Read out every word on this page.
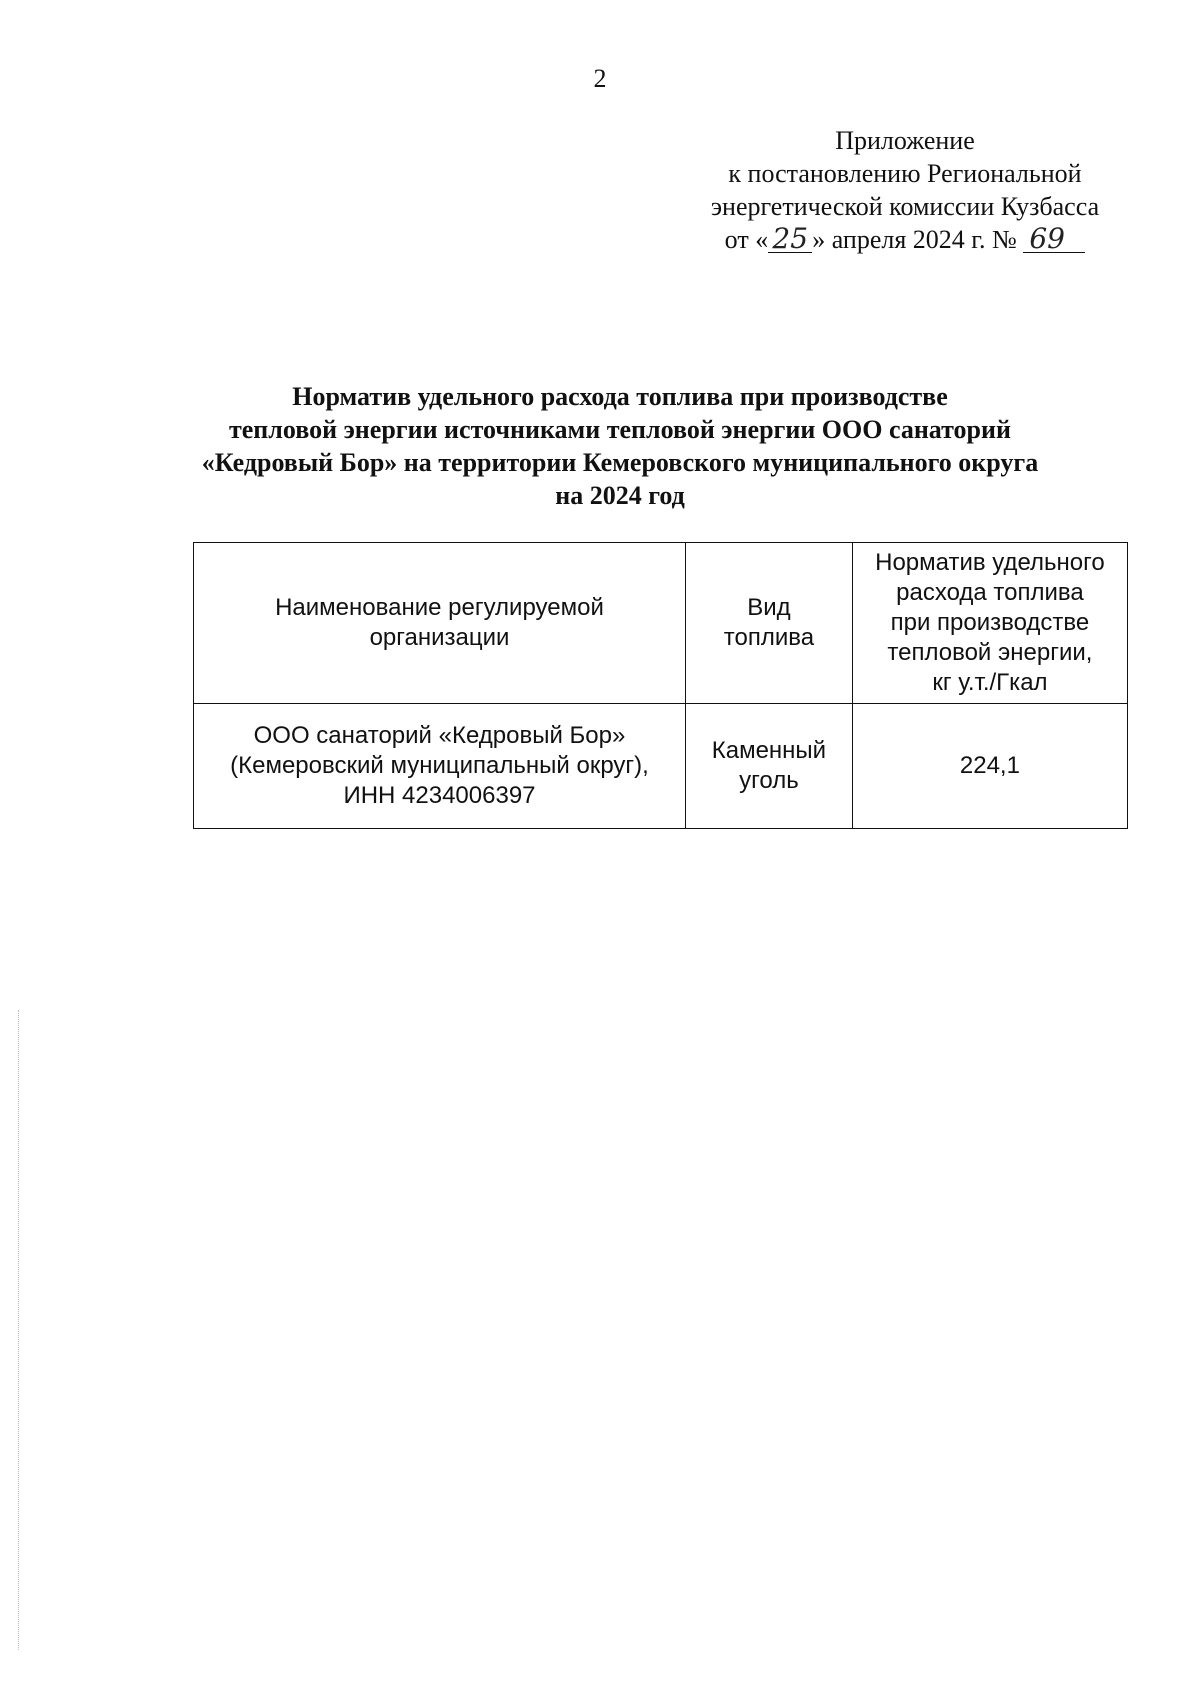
2
Приложение
к постановлению Региональной
энергетической комиссии Кузбасса
от « 25 » апреля 2024 г. № 69
Норматив удельного расхода топлива при производстве
тепловой энергии источниками тепловой энергии ООО санаторий
«Кедровый Бор» на территории Кемеровского муниципального округа
на 2024 год
Наименование регулируемой
организации	Вид
топлива	Норматив удельного
расхода топлива
при производстве
тепловой энергии,
кг у.т./Гкал

ООО санаторий «Кедровый Бор»
(Кемеровский муниципальный округ),
ИНН 4234006397	Каменный
уголь	224,1
